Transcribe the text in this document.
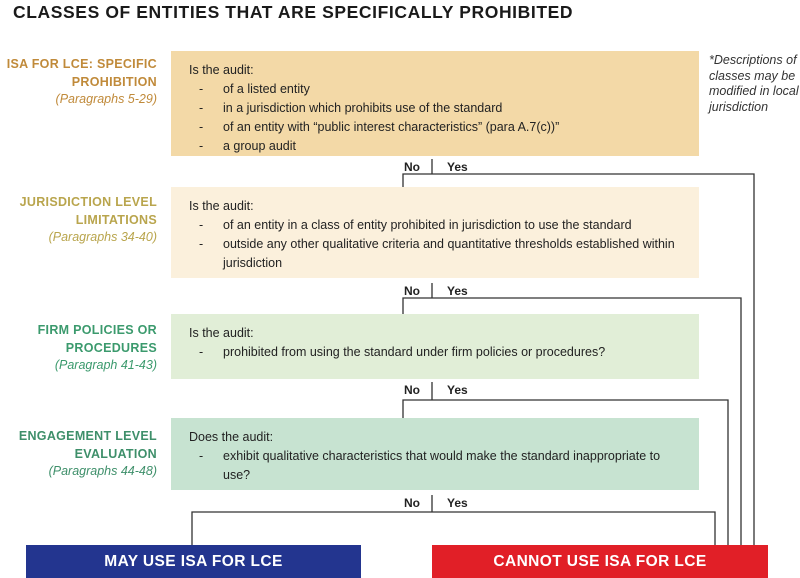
CLASSES OF ENTITIES THAT ARE SPECIFICALLY PROHIBITED
ISA FOR LCE: SPECIFIC
PROHIBITION
(Paragraphs 5-29)
Is the audit:
- of a listed entity
- in a jurisdiction which prohibits use of the standard
- of an entity with “public interest characteristics” (para A.7(c))”
- a group audit
*Descriptions of classes may be modified in local jurisdiction
JURISDICTION LEVEL
LIMITATIONS
(Paragraphs 34-40)
Is the audit:
- of an entity in a class of entity prohibited in jurisdiction to use the standard
- outside any other qualitative criteria and quantitative thresholds established within jurisdiction
FIRM POLICIES OR
PROCEDURES
(Paragraph 41-43)
Is the audit:
- prohibited from using the standard under firm policies or procedures?
ENGAGEMENT LEVEL
EVALUATION
(Paragraphs 44-48)
Does the audit:
- exhibit qualitative characteristics that would make the standard inappropriate to use?
No Yes
No Yes
No Yes
No Yes
MAY USE ISA FOR LCE	CANNOT USE ISA FOR LCE
